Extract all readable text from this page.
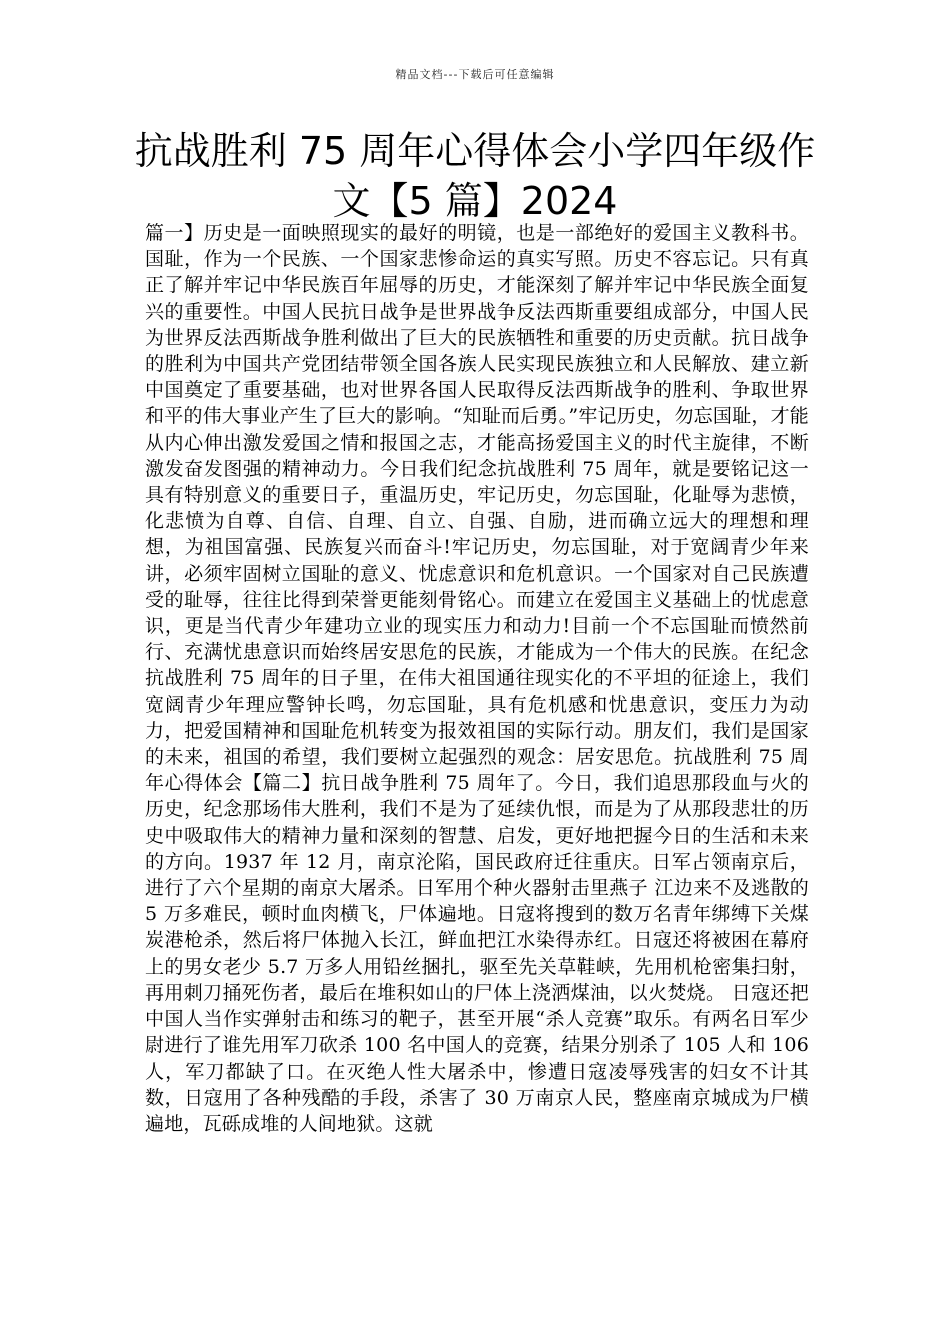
精品文档---下载后可任意编辑
抗战胜利 75 周年心得体会小学四年级作文【5 篇】2024

篇一】历史是一面映照现实的最好的明镜，也是一部绝好的爱国主义教科书。国耻，作为一个民族、一个国家悲惨命运的真实写照。历史不容忘记。只有真正了解并牢记中华民族百年屈辱的历史，才能深刻了解并牢记中华民族全面复兴的重要性。中国人民抗日战争是世界战争反法西斯重要组成部分，中国人民为世界反法西斯战争胜利做出了巨大的民族牺牲和重要的历史贡献。抗日战争的胜利为中国共产党团结带领全国各族人民实现民族独立和人民解放、建立新中国奠定了重要基础，也对世界各国人民取得反法西斯战争的胜利、争取世界和平的伟大事业产生了巨大的影响。“知耻而后勇。”牢记历史，勿忘国耻，才能从内心伸出激发爱国之情和报国之志，才能高扬爱国主义的时代主旋律，不断激发奋发图强的精神动力。今日我们纪念抗战胜利 75 周年，就是要铭记这一具有特别意义的重要日子，重温历史，牢记历史，勿忘国耻，化耻辱为悲愤，化悲愤为自尊、自信、自理、自立、自强、自励，进而确立远大的理想和理想，为祖国富强、民族复兴而奋斗!牢记历史，勿忘国耻，对于宽阔青少年来讲，必须牢固树立国耻的意义、忧虑意识和危机意识。一个国家对自己民族遭受的耻辱，往往比得到荣誉更能刻骨铭心。而建立在爱国主义基础上的忧虑意识，更是当代青少年建功立业的现实压力和动力!目前一个不忘国耻而愤然前行、充满忧患意识而始终居安思危的民族，才能成为一个伟大的民族。在纪念抗战胜利 75 周年的日子里，在伟大祖国通往现实化的不平坦的征途上，我们宽阔青少年理应警钟长鸣，勿忘国耻，具有危机感和忧患意识，变压力为动力，把爱国精神和国耻危机转变为报效祖国的实际行动。朋友们，我们是国家的未来，祖国的希望，我们要树立起强烈的观念：居安思危。抗战胜利 75 周年心得体会【篇二】抗日战争胜利 75 周年了。今日，我们追思那段血与火的历史，纪念那场伟大胜利，我们不是为了延续仇恨，而是为了从那段悲壮的历史中吸取伟大的精神力量和深刻的智慧、启发，更好地把握今日的生活和未来的方向。1937 年 12 月，南京沦陷，国民政府迁往重庆。日军占领南京后，进行了六个星期的南京大屠杀。日军用个种火器射击里燕子 江边来不及逃散的 5 万多难民，顿时血肉横飞，尸体遍地。日寇将搜到的数万名青年绑缚下关煤炭港枪杀，然后将尸体抛入长江，鲜血把江水染得赤红。日寇还将被困在幕府上的男女老少 5.7 万多人用铅丝捆扎，驱至先关草鞋峡，先用机枪密集扫射，再用刺刀捅死伤者，最后在堆积如山的尸体上浇洒煤油，以火焚烧。 日寇还把中国人当作实弹射击和练习的靶子，甚至开展“杀人竞赛”取乐。有两名日军少尉进行了谁先用军刀砍杀 100 名中国人的竞赛，结果分别杀了 105 人和 106 人，军刀都缺了口。在灭绝人性大屠杀中，惨遭日寇凌辱残害的妇女不计其数，日寇用了各种残酷的手段，杀害了 30 万南京人民，整座南京城成为尸横遍地，瓦砾成堆的人间地狱。这就
